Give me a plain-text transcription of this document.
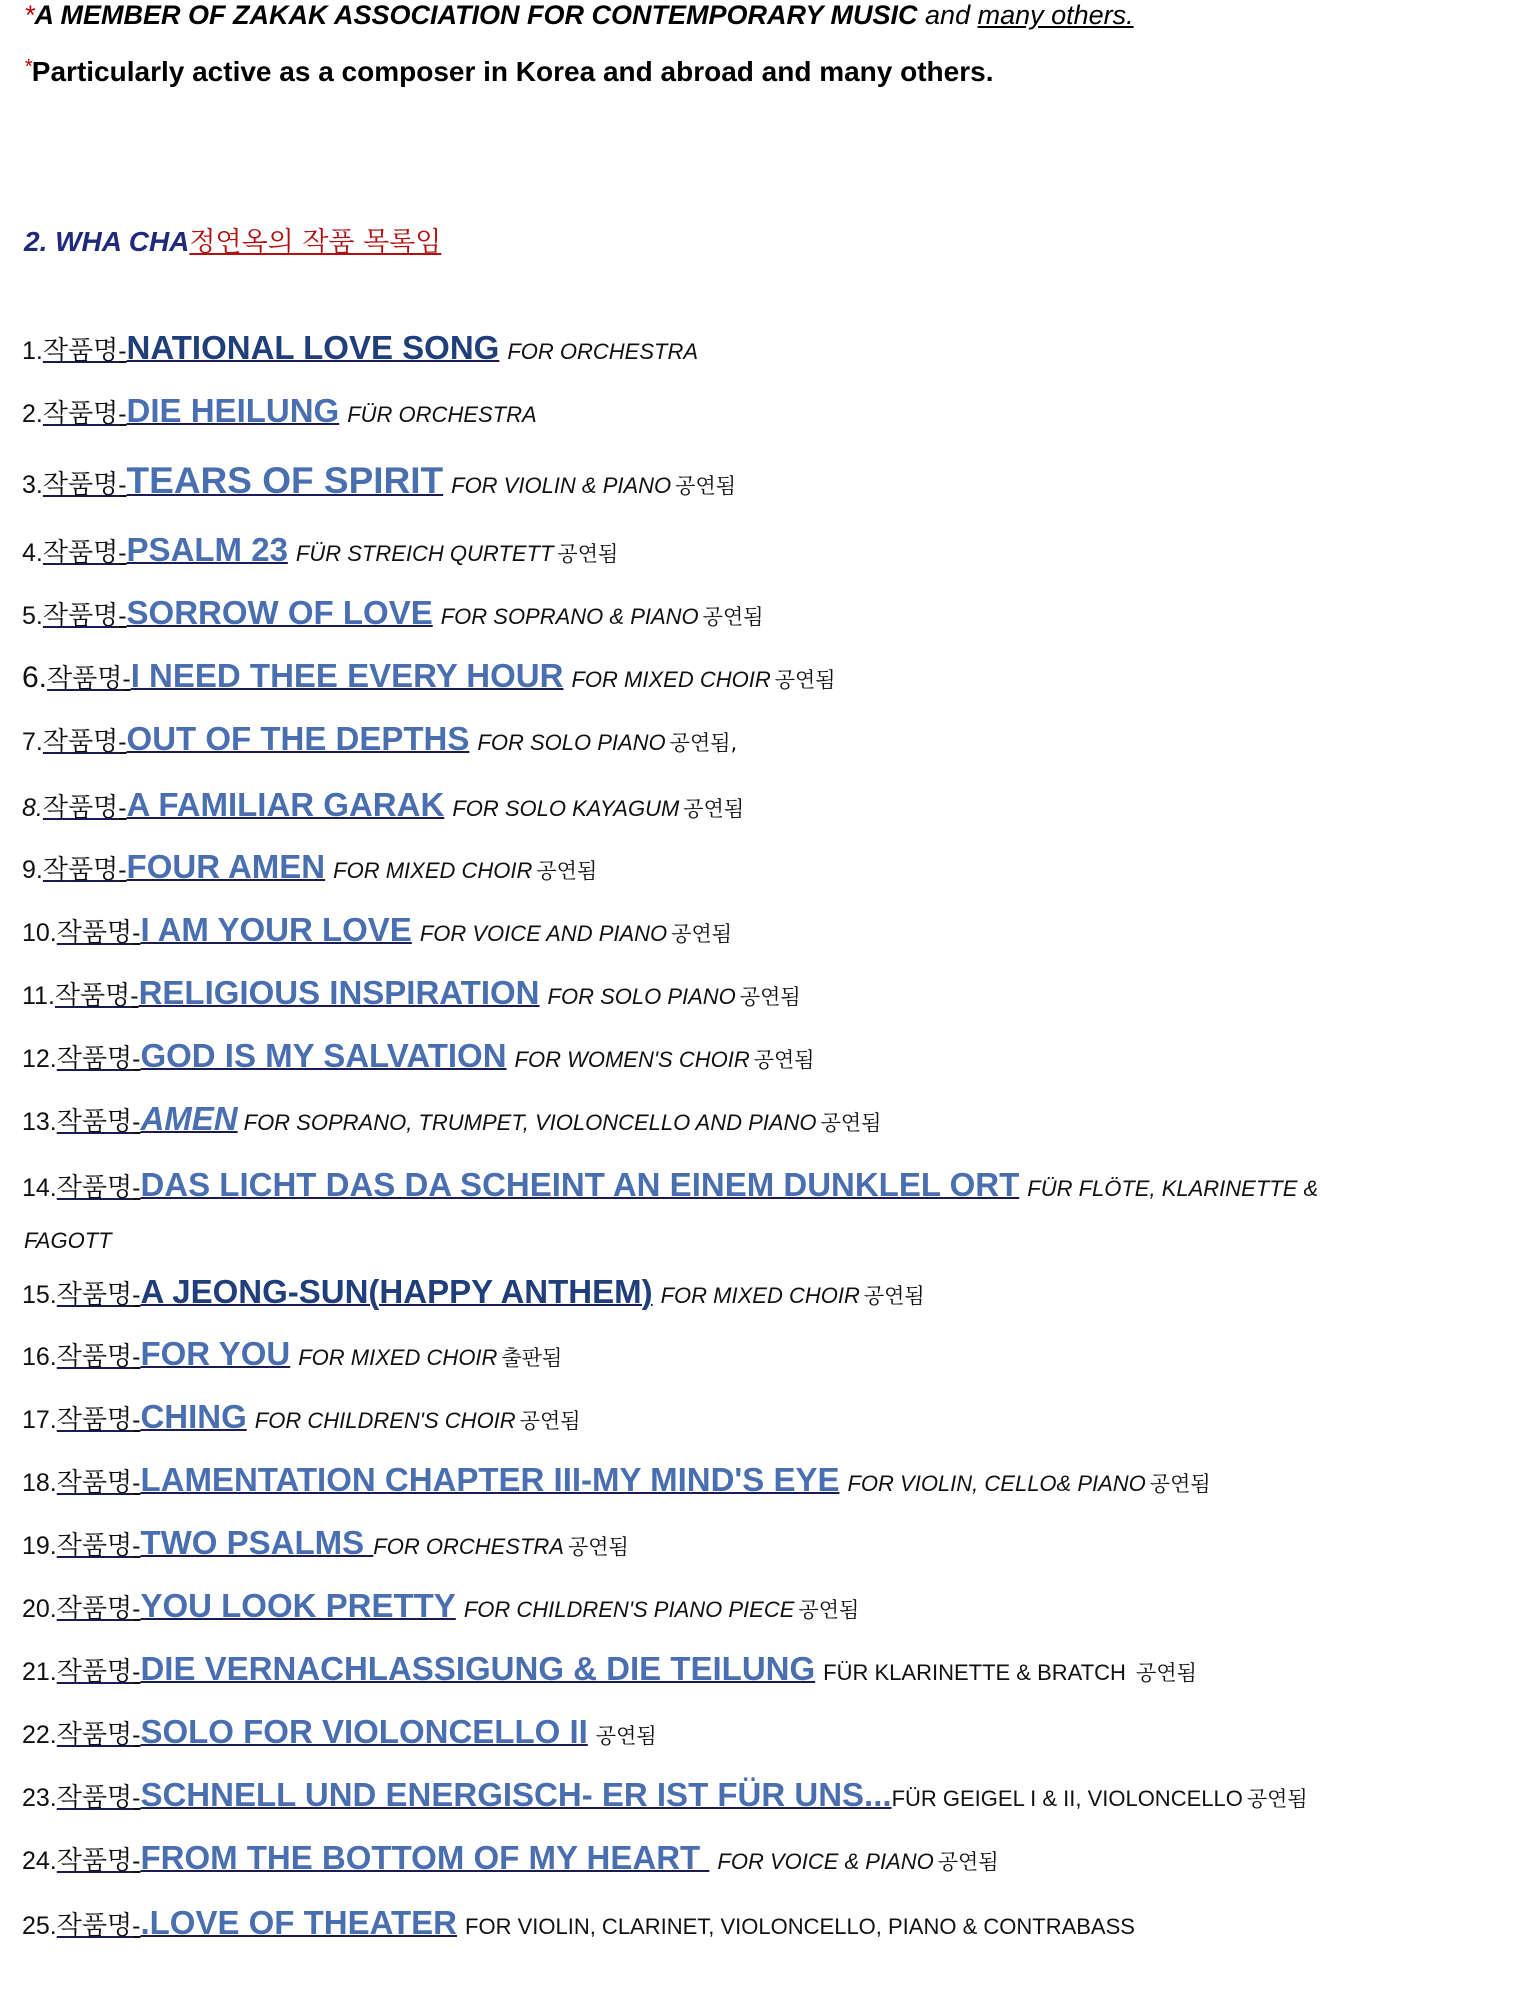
*A MEMBER OF ZAKAK ASSOCIATION FOR CONTEMPORARY MUSIC and many others.
*Particularly active as a composer in Korea and abroad and many others.
2. WHA CHA정연옥의 작품 목록임
1.작품명-NATIONAL LOVE SONG FOR ORCHESTRA
2.작품명-DIE HEILUNG FÜR ORCHESTRA
3.작품명-TEARS OF SPIRIT FOR VIOLIN & PIANO 공연됨
4.작품명-PSALM 23 FÜR STREICH QURTETT 공연됨
5.작품명-SORROW OF LOVE FOR SOPRANO & PIANO 공연됨
6.작품명-I NEED THEE EVERY HOUR FOR MIXED CHOIR 공연됨
7.작품명-OUT OF THE DEPTHS FOR SOLO PIANO 공연됨,
8.작품명-A FAMILIAR GARAK FOR SOLO KAYAGUM 공연됨
9.작품명-FOUR AMEN FOR MIXED CHOIR 공연됨
10.작품명-I AM YOUR LOVE FOR VOICE AND PIANO 공연됨
11.작품명-RELIGIOUS INSPIRATION FOR SOLO PIANO 공연됨
12.작품명-GOD IS MY SALVATION FOR WOMEN'S CHOIR 공연됨
13.작품명-AMEN FOR SOPRANO, TRUMPET, VIOLONCELLO AND PIANO 공연됨
14.작품명-DAS LICHT DAS DA SCHEINT AN EINEM DUNKLEL ORT FÜR FLÖTE, KLARINETTE &
FAGOTT
15.작품명-A JEONG-SUN(HAPPY ANTHEM) FOR MIXED CHOIR 공연됨
16.작품명-FOR YOU FOR MIXED CHOIR 출판됨
17.작품명-CHING FOR CHILDREN'S CHOIR 공연됨
18.작품명-LAMENTATION CHAPTER III-MY MIND'S EYE FOR VIOLIN, CELLO& PIANO 공연됨
19.작품명-TWO PSALMS FOR ORCHESTRA 공연됨
20.작품명-YOU LOOK PRETTY FOR CHILDREN'S PIANO PIECE 공연됨
21.작품명-DIE VERNACHLASSIGUNG & DIE TEILUNG FÜR KLARINETTE & BRATCH 공연됨
22.작품명-SOLO FOR VIOLONCELLO II 공연됨
23.작품명-SCHNELL UND ENERGISCH- ER IST FÜR UNS...FÜR GEIGEL I & II, VIOLONCELLO 공연됨
24.작품명-FROM THE BOTTOM OF MY HEART FOR VOICE & PIANO 공연됨
25.작품명-.LOVE OF THEATER FOR VIOLIN, CLARINET, VIOLONCELLO, PIANO & CONTRABASS
